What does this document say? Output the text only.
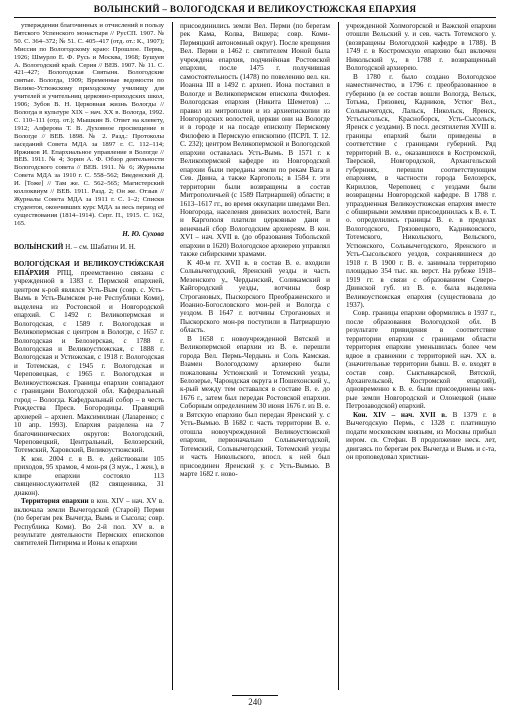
ВОЛЫНСКИЙ – ВОЛОГОДСКАЯ И ВЕЛИКОУСТЮЖСКАЯ ЕПАРХИЯ

утверждении благочинных и отчислений в пользу Вятского Успенского монастыря // РусСП. 1907. № 50. С. 364–372; № 51. С. 405–417 (отд. от.: К., 1907); Миссия по Вологодскому краю: Прошлое. Пермь, 1926; Шмурло Е. Ф. Русь и Москва, 1968; Бушуев А. Вологодский край. Серия // ВЕВ. 1907. № 11. С. 421–427; Вологодская Святыня. Вологодские святые. Вологда, 1909; Временные ведомости по Велико-Устюжскому приходскому училищу для учителей и учительниц церковно-приходских школ, 1906; Зубов В. Н. Церковная жизнь Вологды // Вологда в культуре XIX – нач. XX в. Вологда, 1992. С. 110–111 (отд. от.); Мышкин В. Ответ на клевету, 1912; Алферова Т. В. Духовное просвещение в Вологде // ВЕВ. 1898. № 2. Разд.: Протоколы заседаний Совета МДА за 1897 г. С. 112–114; Иржиков И. Епархиальное управление в Вологде // ВЕВ. 1911. № 4; Зорин А. Ф. Обзор деятельности Вологодского совета // ВЕВ. 1911. № 6; Журналы Совета МДА за 1910 г. С. 558–562; Введенский Д. И. [Тоже] // Там же. С. 562–565; Магистерский коллоквиум // ВЕВ. 1911. Разд. 2; Он же. Отзыв // Журналы Совета МДА за 1911 г. С. 1–2; Списки студентов, окончивших курс МДА за весь период её существования (1814–1914). Серг. П., 1915. С. 162, 165.

Н. Ю. Сухова

ВОЛЫ́НСКИЙ Н. – см. Шабатин И. Н.

ВОЛОГО́ДСКАЯ И ВЕЛИКОУСТЮ́ЖСКАЯ ЕПА́РХИЯ РПЦ, преемственно связана с учрежденной в 1383 г. Пермской епархией, центром к-рой являлся Усть-Вым (совр. с. Усть-Вымь в Усть-Вымском р-не Республики Коми), выделена из Ростовской и Новгородской епархий. С 1492 г. Великопермская и Вологодская, с 1589 г. Вологодская и Великопермская с центром в Вологде, с 1657 г. Вологодская и Белозерская, с 1788 г. Вологодская и Великоустюжская, с 1888 г. Вологодская и Устюжская, с 1918 г. Вологодская и Тотемская, с 1945 г. Вологодская и Череповецкая, с 1965 г. Вологодская и Великоустюжская. Границы епархии совпадают с границами Вологодской обл. Кафедральный город – Вологда. Кафедральный собор – в честь Рождества Пресв. Богородицы. Правящий архиерей – архиеп. Максимилиан (Лазаренко; с 10 апр. 1993). Епархия разделена на 7 благочиннических округов: Вологодский, Череповецкий, Центральный, Белозерский, Тотемский, Харовский, Великоустюжский.

К кон. 2004 г. в В. е. действовали 105 приходов, 95 храмов, 4 мон-ря (3 муж., 1 жен.), в клире епархии состояло 113 священнослужителей (82 священника, 31 диакон).

Территория епархии в кон. XIV – нач. XV в. включала земли Вычегодской (Старой) Перми (по берегам рек Вычегда, Вымь и Сысола; совр. Республика Коми). Во 2-й пол. XV в. в результате деятельности Пермских епископов святителей Питирима и Ионы к епархии

присоединились земли Вел. Перми (по берегам рек Кама, Колва, Вишера; совр. Коми-Пермяцкий автономный округ). После крещения Вел. Перми в 1462 г. святителем Ионой была учреждена епархия, подчинённая Ростовской епархии, после 1475 г. получившая самостоятельность (1478) по повелению вел. кн. Иоанна III в 1492 г. архиеп. Иона поставил в Вологде и Великопермском епископа Филофея. Вологодская епархия (Никита Шеметов) ... правил из митрополии и из архиепископии из Новгородских волостей, церкви они на Вологде и в городе и на посаде епископу Пермскому Филофею в Пермскую епископию (ПСРЛ. Т. 12. С. 232); центром Великопермской и Вологодской епархии оставалась Усть-Вымь. В 1571 г. к Великопермской кафедре из Новгородской епархии были переданы земли по рекам Вага и Сев. Двина, а также Каргополь; в 1584 г. эти территории были возвращены в состав Митрополичьей (с 1589 Патриаршей) области; в 1613–1617 гг., во время оккупации шведами Вел. Новгорода, населения двинских волостей, Ваги и Каргополя платили церковные дани и венечный сбор Вологодским архиереям. В кон. XVI – нач. XVII в. (до образования Тобольской епархии в 1620) Вологодское архиерею управлял также сибирскими храмами.

К 40-м гг. XVII в. в состав В. е. входили Сольвычегодский, Яренский уезды и часть Мезенского у., Чердынский, Соликамский и Кайгородский уезды, вотчины бояр Строгановых, Пыскорского Преображенского и Иоанно-Богословского мон-рей и Вологда с уездом. В 1647 г. вотчины Строгановых и Пыскорского мон-ря поступили в Патриаршую область.

В 1658 г. новоучрежденной Вятской и Великопермской епархии из В. е. перешли города Вел. Пермь-Чердынь и Соль Камская. Взамен Вологодскому архиерею были пожалованы Устюжский и Тотемский уезды, Белозерье, Чарондская округа и Пошехонский у., к-рый между тем оставался в составе В. е. до 1676 г., затем был передан Ростовской епархии. Соборным определением 30 июня 1676 г. из В. е. в Вятскую епархию был передан Яренский у. с Усть-Вымью. В 1682 г. часть территории В. е. отошла новоучрежденной Великоустюжской епархии, первоначально Сольвычегодской, Тотемский, Сольвычегодский, Тотемский уезды и часть Никольского, впосл. к ней был присоединен Яренский у. с Усть-Вымью. В марте 1682 г. ново-

учрежденной Холмогорской и Важской епархии отошли Вельский у. и сев. часть Тотемского у. (возвращены Вологодской кафедре в 1788). В 1749 г. в Костромскую епархию был включен Никольский у., в 1788 г. возвращенный Вологодской архиерею.

В 1780 г. было создано Вологодское наместничество, в 1796 г. преобразованное в губернию (в ее состав вошли Вологда, Вельск, Тотьма, Грязовец, Кадников, Устюг Вел., Сольвычегодск, Лальск, Никольск, Яренск, Устьсысольск, Красноборск, Усть-Сысольск, Яренск с уездами). В посл. десятилетия XVIII в. границы епархий были приведены в соответствие с границами губерний. Ряд территорий В. е., оказавшихся в Костромской, Тверской, Новгородской, Архангельской губерниях, перешли соответствующим епархиям, в частности города Белозерск, Кириллов, Череповец с уездами были возвращены Новгородской кафедре. В 1788 г. упраздненная Великоустюжская епархия вместе с обширными землями присоединилась к В. е. Т. о. определились границы В. е. в пределах Вологодского, Грязовецкого, Кадниковского, Тотемского, Никольского, Вельского, Устюжского, Сольвычегодского, Яренского и Усть-Сысольского уездов, сохранявшиеся до 1918 г. В 1900 г. В. е. занимала территорию площадью 354 тыс. кв. верст. На рубеже 1918–1919 гг. в связи с образованием Северо-Двинской губ. из В. е. была выделена Великоустюжская епархия (существовала до 1937).

Совр. границы епархии оформились в 1937 г., после образования Вологодской обл. В результате привидения в соответствие территории епархии с границами области территория епархии уменьшилась более чем вдвое в сравнении с территорией нач. XX в. (значительные территории бывш. В. е. входят в состав совр. Сыктывкарской, Вятской, Архангельской, Костромской епархий), одновременно к В. е. были присоединены нек-рые земли Новгородской и Олонецкой (ныне Петрозаводской) епархий.

Кон. XIV – нач. XVII в. В 1379 г. в Вычегодскую Пермь, с 1328 г. платившую подати московским князьям, из Москвы прибыл иером. св. Стефан. В продолжение неск. лет, двигаясь по берегам рек Вычегда и Вымь и с-та, он проповедовал христиан-

240
